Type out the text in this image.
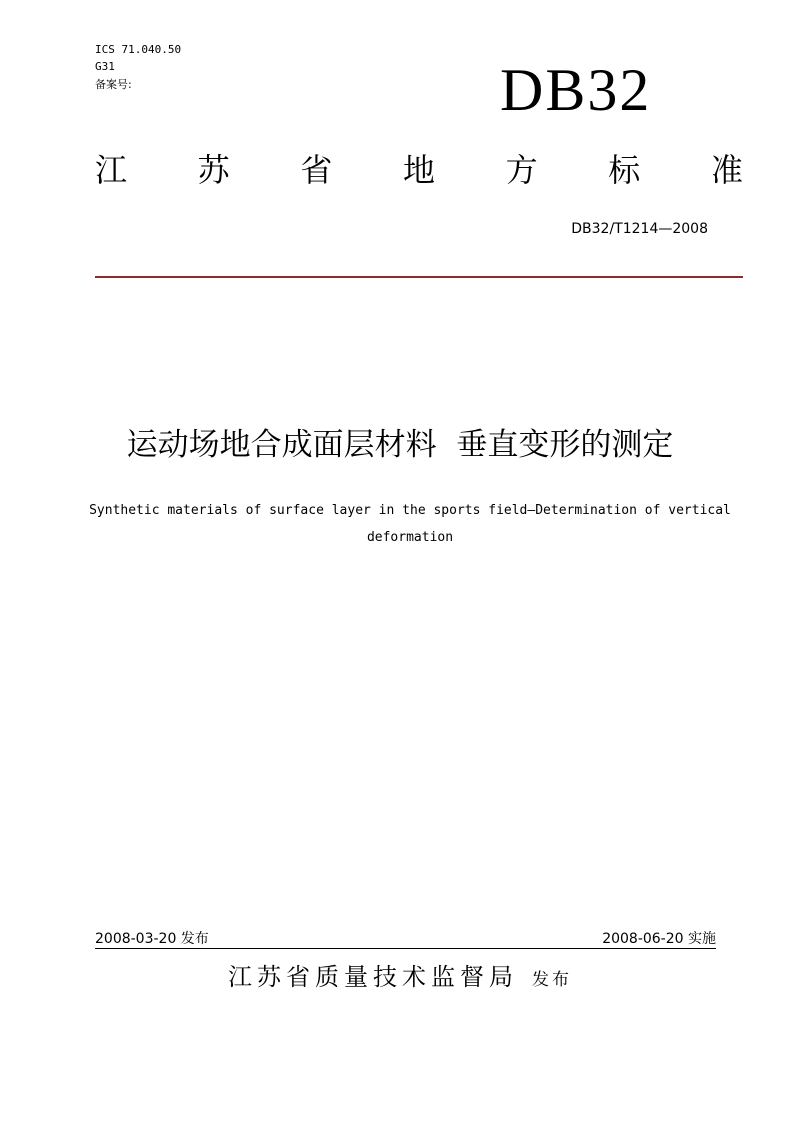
ICS 71.040.50
G31
备案号:	DB32
江 苏 省 地 方 标 准
DB32/T1214—2008
运动场地合成面层材料  垂直变形的测定
Synthetic materials of surface layer in the sports field—Determination of vertical deformation
2008-03-20 发布	2008-06-20 实施
江苏省质量技术监督局 发布
